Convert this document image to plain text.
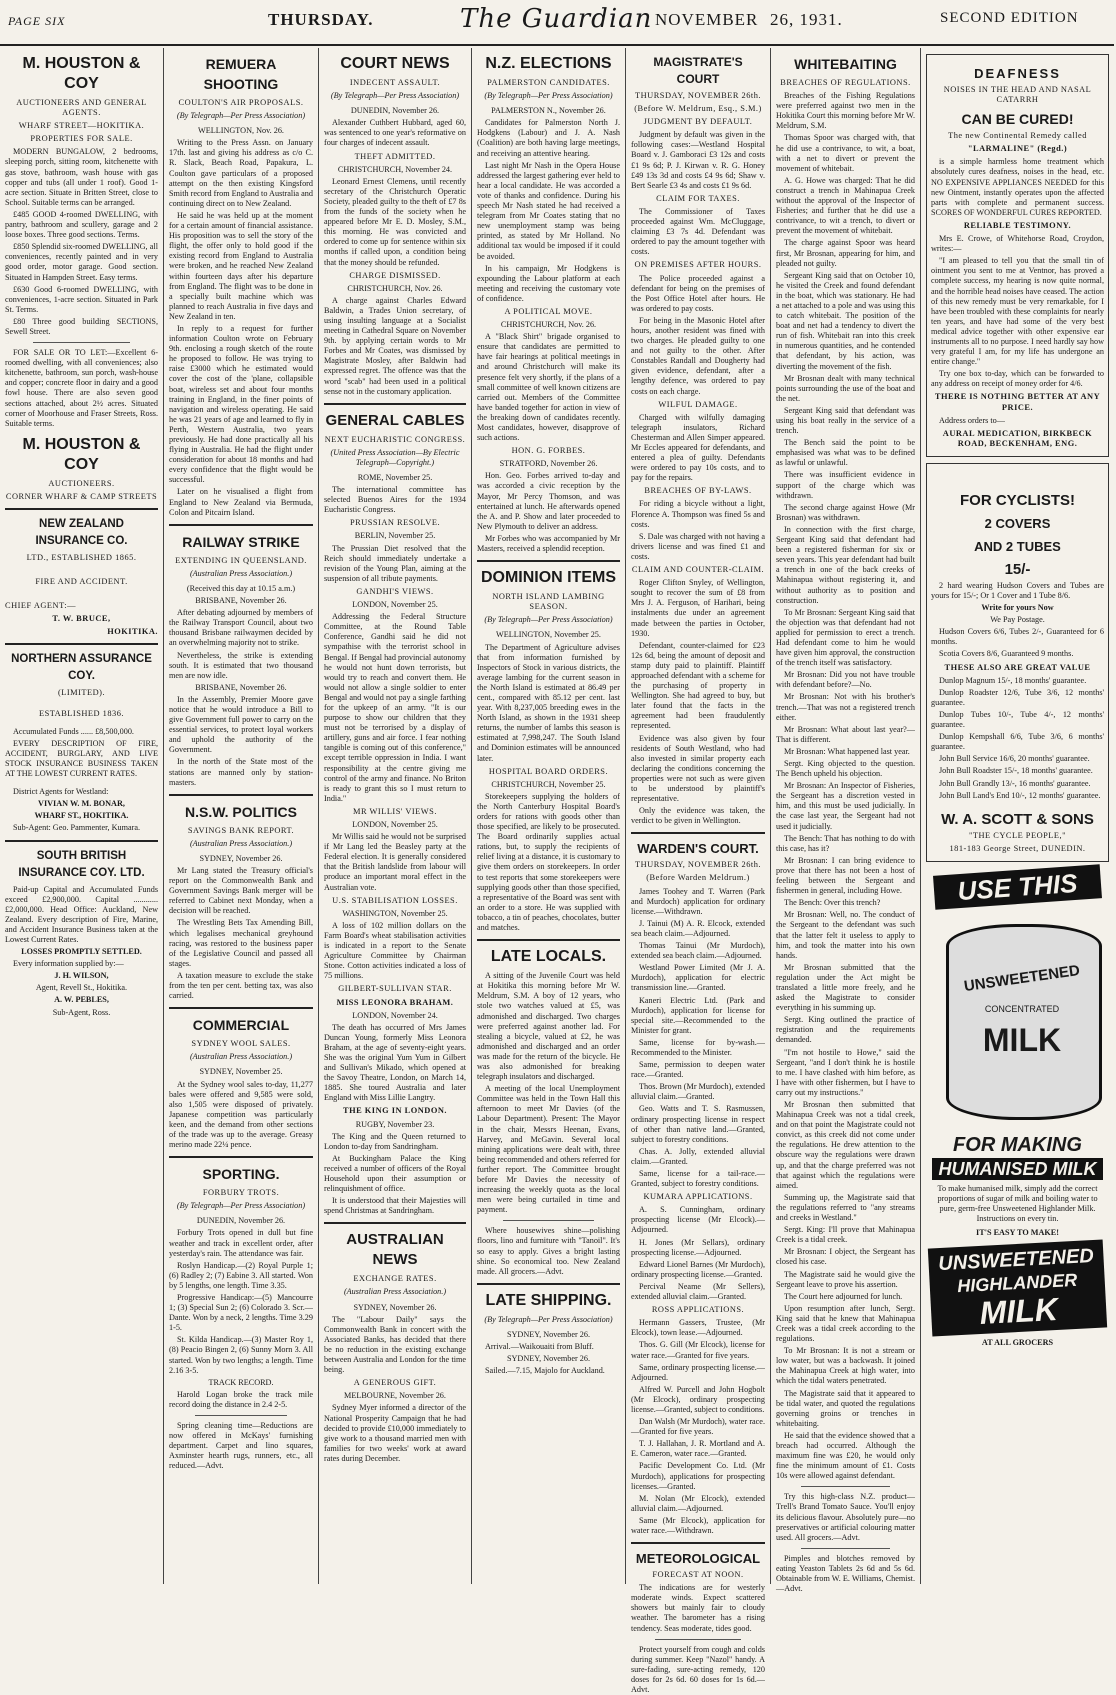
PAGE SIX	THURSDAY.	The Guardian NOVEMBER 26, 1931.	SECOND EDITION
M. HOUSTON & COY
AUCTIONEERS AND GENERAL AGENTS.
WHARF STREET—HOKITIKA.
PROPERTIES FOR SALE.

MODERN BUNGALOW, 2 bedrooms, sleeping porch, sitting room, kitchenette with gas stove, bathroom, wash house with gas copper and tubs (all under 1 roof). Good 1-acre section. Situate in Britten Street, close to School. Suitable terms can be arranged.

£485 GOOD 4-roomed DWELLING, with pantry, bathroom and scullery, garage and 2 loose boxes. Three good sections. Terms.

£850 Splendid six-roomed DWELLING, all conveniences, recently painted and in very good order, motor garage. Good section. Situated in Hampden Street. Easy terms.

£630 Good 6-roomed DWELLING, with conveniences, 1-acre section. Situated in Park St. Terms.

£80 Three good building SECTIONS, Sewell Street.

FOR SALE OR TO LET:—Excellent 6-roomed dwelling, with all conveniences; also kitchenette, bathroom, sun porch, wash-house and copper; concrete floor in dairy and a good fowl house. There are also seven good sections attached, about 2½ acres. Situated corner of Moorhouse and Fraser Streets, Ross. Suitable terms.

M. HOUSTON & COY
AUCTIONEERS.
CORNER WHARF & CAMP STREETS
NEW ZEALAND INSURANCE CO.
LTD., ESTABLISHED 1865.
FIRE AND ACCIDENT.
CHIEF AGENT:—
T. W. BRUCE,
HOKITIKA.
NORTHERN ASSURANCE COY.
(LIMITED).
ESTABLISHED 1836.

Accumulated Funds ...... £8,500,000.

EVERY DESCRIPTION OF FIRE, ACCIDENT, BURGLARY, AND LIVE STOCK INSURANCE BUSINESS TAKEN AT THE LOWEST CURRENT RATES.

District Agents for Westland:

VIVIAN W. M. BONAR,

WHARF ST., HOKITIKA.

Sub-Agent: Geo. Pammenter, Kumara.

SOUTH BRITISH INSURANCE COY. LTD.

Paid-up Capital and Accumulated Funds exceed £2,900,000. Capital ............ £2,000,000. Head Office: Auckland, New Zealand. Every description of Fire, Marine, and Accident Insurance Business taken at the Lowest Current Rates.

LOSSES PROMPTLY SETTLED.

Every information supplied by:—

J. H. WILSON,

Agent, Revell St., Hokitika.

A. W. PEBLES,

Sub-Agent, Ross.

REMUERA SHOOTING
COULTON'S AIR PROPOSALS.
(By Telegraph—Per Press Association)

WELLINGTON, Nov. 26.

Writing to the Press Assn. on January 17th. last and giving his address as c/o C. R. Slack, Beach Road, Papakura, L. Coulton gave particulars of a proposed attempt on the then existing Kingsford Smith record from England to Australia and continuing direct on to New Zealand.

He said he was held up at the moment for a certain amount of financial assistance. His proposition was to sell the story of the flight, the offer only to hold good if the existing record from England to Australia were broken, and he reached New Zealand within fourteen days after his departure from England. The flight was to be done in a specially built machine which was planned to reach Australia in five days and New Zealand in ten.

In reply to a request for further information Coulton wrote on February 9th. enclosing a rough sketch of the route he proposed to follow. He was trying to raise £3000 which he estimated would cover the cost of the 'plane, collapsible boat, wireless set and about four months training in England, in the finer points of navigation and wireless operating. He said he was 21 years of age and learned to fly in Perth, Western Australia, two years previously. He had done practically all his flying in Australia. He had the flight under consideration for about 18 months and had every confidence that the flight would be successful.

Later on he visualised a flight from England to New Zealand via Bermuda, Colon and Pitcairn Island.

RAILWAY STRIKE
EXTENDING IN QUEENSLAND.
(Australian Press Association.)

(Received this day at 10.15 a.m.)

BRISBANE, November 26.

After debating adjourned by members of the Railway Transport Council, about two thousand Brisbane railwaymen decided by an overwhelming majority not to strike.

Nevertheless, the strike is extending south. It is estimated that two thousand men are now idle.

BRISBANE, November 26.

In the Assembly, Premier Moore gave notice that he would introduce a Bill to give Government full power to carry on the essential services, to protect loyal workers and uphold the authority of the Government.

In the north of the State most of the stations are manned only by station-masters.

N.S.W. POLITICS
SAVINGS BANK REPORT.
(Australian Press Association.)

SYDNEY, November 26.

Mr Lang stated the Treasury official's report on the Commonwealth Bank and Government Savings Bank merger will be referred to Cabinet next Monday, when a decision will be reached.

The Wrestling Bets Tax Amending Bill, which legalises mechanical greyhound racing, was restored to the business paper of the Legislative Council and passed all stages.

A taxation measure to exclude the stake from the ten per cent. betting tax, was also carried.

COMMERCIAL
SYDNEY WOOL SALES.
(Australian Press Association.)

SYDNEY, November 25.

At the Sydney wool sales to-day, 11,277 bales were offered and 9,585 were sold, also 1,505 were disposed of privately. Japanese competition was particularly keen, and the demand from other sections of the trade was up to the average. Greasy merino made 22¼ pence.

SPORTING.
FORBURY TROTS.
(By Telegraph—Per Press Association)

DUNEDIN, November 26.

Forbury Trots opened in dull but fine weather and track in excellent order, after yesterday's rain. The attendance was fair.

Roslyn Handicap.—(2) Royal Purple 1; (6) Radley 2; (7) Eabine 3. All started. Won by 5 lengths, one length. Time 3.35.

Progressive Handicap:—(5) Mancourre 1; (3) Special Sun 2; (6) Colorado 3. Scr.—Dante. Won by a neck, 2 lengths. Time 3.29 1-5.

St. Kilda Handicap.—(3) Master Roy 1, (8) Peacio Bingen 2, (6) Sunny Morn 3. All started. Won by two lengths; a length. Time 2.16 3-5.

TRACK RECORD.

Harold Logan broke the track mile record doing the distance in 2.4 2-5.

Spring cleaning time—Reductions are now offered in McKays' furnishing department. Carpet and lino squares, Axminster hearth rugs, runners, etc., all reduced.—Advt.

COURT NEWS
INDECENT ASSAULT.
(By Telegraph—Per Press Association)

DUNEDIN, November 26.

Alexander Cuthbert Hubbard, aged 60, was sentenced to one year's reformative on four charges of indecent assault.

THEFT ADMITTED.

CHRISTCHURCH, November 24.

Leonard Ernest Clemens, until recently secretary of the Christchurch Operatic Society, pleaded guilty to the theft of £7 8s from the funds of the society when he appeared before Mr E. D. Mosley, S.M., this morning. He was convicted and ordered to come up for sentence within six months if called upon, a condition being that the money should be refunded.

CHARGE DISMISSED.

CHRISTCHURCH, Nov. 26.

A charge against Charles Edward Baldwin, a Trades Union secretary, of using insulting language at a Socialist meeting in Cathedral Square on November 9th. by applying certain words to Mr Forbes and Mr Coates, was dismissed by Magistrate Mosley, after Baldwin had expressed regret. The offence was that the word "scab" had been used in a political sense not in the customary application.

GENERAL CABLES
NEXT EUCHARISTIC CONGRESS.
(United Press Association—By Electric Telegraph—Copyright.)

ROME, November 25.

The international committee has selected Buenos Aires for the 1934 Eucharistic Congress.

PRUSSIAN RESOLVE.

BERLIN, November 25.

The Prussian Diet resolved that the Reich should immediately undertake a revision of the Young Plan, aiming at the suspension of all tribute payments.

GANDHI'S VIEWS.

LONDON, November 25.

Addressing the Federal Structure Committee, at the Round Table Conference, Gandhi said he did not sympathise with the terrorist school in Bengal. If Bengal had provincial autonomy he would not hunt down terrorists, but would try to reach and convert them. He would not allow a single soldier to enter Bengal and would not pay a single farthing for the upkeep of an army. "It is our purpose to show our children that they must not be terrorised by a display of artillery, guns and air force. I fear nothing tangible is coming out of this conference," except terrible oppression in India. I want responsibility at the centre giving me control of the army and finance. No Briton is ready to grant this so I must return to India."

MR WILLIS' VIEWS.

LONDON, November 25.

Mr Willis said he would not be surprised if Mr Lang led the Beasley party at the Federal election. It is generally considered that the British landslide from labour will produce an important moral effect in the Australian vote.

U.S. STABILISATION LOSSES.

WASHINGTON, November 25.

A loss of 102 million dollars on the Farm Board's wheat stabilisation activities is indicated in a report to the Senate Agriculture Committee by Chairman Stone. Cotton activities indicated a loss of 75 millions.

GILBERT-SULLIVAN STAR.
MISS LEONORA BRAHAM.

LONDON, November 24.

The death has occurred of Mrs James Duncan Young, formerly Miss Leonora Braham, at the age of seventy-eight years. She was the original Yum Yum in Gilbert and Sullivan's Mikado, which opened at the Savoy Theatre, London, on March 14, 1885. She toured Australia and later England with Miss Lillie Langtry.

THE KING IN LONDON.

RUGBY, November 23.

The King and the Queen returned to London to-day from Sandringham.

At Buckingham Palace the King received a number of officers of the Royal Household upon their assumption or relinquishment of office.

It is understood that their Majesties will spend Christmas at Sandringham.

AUSTRALIAN NEWS
EXCHANGE RATES.
(Australian Press Association.)

SYDNEY, November 26.

The "Labour Daily" says the Commonwealth Bank in concert with the Associated Banks, has decided that there be no reduction in the existing exchange between Australia and London for the time being.

A GENEROUS GIFT.

MELBOURNE, November 26.

Sydney Myer informed a director of the National Prosperity Campaign that he had decided to provide £10,000 immediately to give work to a thousand married men with families for two weeks' work at award rates during December.

N.Z. ELECTIONS
PALMERSTON CANDIDATES.
(By Telegraph—Per Press Association)

PALMERSTON N., November 26.

Candidates for Palmerston North J. Hodgkens (Labour) and J. A. Nash (Coalition) are both having large meetings, and receiving an attentive hearing.

Last night Mr Nash in the Opera House addressed the largest gathering ever held to hear a local candidate. He was accorded a vote of thanks and confidence. During his speech Mr Nash stated he had received a telegram from Mr Coates stating that no new unemployment stamp was being printed, as stated by Mr Holland. No additional tax would be imposed if it could be avoided.

In his campaign, Mr Hodgkens is expounding the Labour platform at each meeting and receiving the customary vote of confidence.

A POLITICAL MOVE.

CHRISTCHURCH, Nov. 26.

A "Black Shirt" brigade organised to ensure that candidates are permitted to have fair hearings at political meetings in and around Christchurch will make its presence felt very shortly, if the plans of a small committee of well known citizens are carried out. Members of the Committee have banded together for action in view of the breaking down of candidates recently. Most candidates, however, disapprove of such actions.

HON. G. FORBES.

STRATFORD, November 26.

Hon. Geo. Forbes arrived to-day and was accorded a civic reception by the Mayor, Mr Percy Thomson, and was entertained at lunch. He afterwards opened the A. and P. Show and later proceeded to New Plymouth to deliver an address.

Mr Forbes who was accompanied by Mr Masters, received a splendid reception.

DOMINION ITEMS
NORTH ISLAND LAMBING SEASON.
(By Telegraph—Per Press Association)

WELLINGTON, November 25.

The Department of Agriculture advises that from information furnished by Inspectors of Stock in various districts, the average lambing for the current season in the North Island is estimated at 86.49 per cent., compared with 85.12 per cent. last year. With 8,237,005 breeding ewes in the North Island, as shown in the 1931 sheep returns, the number of lambs this season is estimated at 7,998,247. The South Island and Dominion estimates will be announced later.

HOSPITAL BOARD ORDERS.

CHRISTCHURCH, November 25.

Storekeepers supplying the holders of the North Canterbury Hospital Board's orders for rations with goods other than those specified, are likely to be prosecuted. The Board ordinarily supplies actual rations, but, to supply the recipients of relief living at a distance, it is customary to give them orders on storekeepers. In order to test reports that some storekeepers were supplying goods other than those specified, a representative of the Board was sent with an order to a store. He was supplied with tobacco, a tin of peaches, chocolates, butter and matches.

LATE LOCALS.

A sitting of the Juvenile Court was held at Hokitika this morning before Mr W. Meldrum, S.M. A boy of 12 years, who stole two watches valued at £5, was admonished and discharged. Two charges were preferred against another lad. For stealing a bicycle, valued at £2, he was admonished and discharged and an order was made for the return of the bicycle. He was also admonished for breaking telegraph insulators and discharged.

A meeting of the local Unemployment Committee was held in the Town Hall this afternoon to meet Mr Davies (of the Labour Department). Present: The Mayor in the chair, Messrs Heenan, Evans, Harvey, and McGavin. Several local mining applications were dealt with, three being recommended and others referred for further report. The Committee brought before Mr Davies the necessity of increasing the weekly quota as the local men were being curtailed in time and payment.

Where housewives shine—polishing floors, lino and furniture with "Tanoil". It's so easy to apply. Gives a bright lasting shine. So economical too. New Zealand made. All grocers.—Advt.

LATE SHIPPING.
(By Telegraph—Per Press Association)

SYDNEY, November 26.

Arrival.—Waikouaiti from Bluff.

SYDNEY, November 26.

Sailed.—7.15, Majolo for Auckland.

MAGISTRATE'S COURT
THURSDAY, NOVEMBER 26th.
(Before W. Meldrum, Esq., S.M.)
JUDGMENT BY DEFAULT.

Judgment by default was given in the following cases:—Westland Hospital Board v. J. Gamboraci £3 12s and costs £1 9s 6d; P. J. Kirwan v. R. G. Honey £49 13s 3d and costs £4 9s 6d; Shaw v. Bert Searle £3 4s and costs £1 9s 6d.

CLAIM FOR TAXES.

The Commissioner of Taxes proceeded against Wm. McCluggage, claiming £3 7s 4d. Defendant was ordered to pay the amount together with costs.

ON PREMISES AFTER HOURS.

The Police proceeded against a defendant for being on the premises of the Post Office Hotel after hours. He was ordered to pay costs.

For being in the Masonic Hotel after hours, another resident was fined with two charges. He pleaded guilty to one and not guilty to the other. After Constables Randall and Dougherty had given evidence, defendant, after a lengthy defence, was ordered to pay costs on each charge.

WILFUL DAMAGE.

Charged with wilfully damaging telegraph insulators, Richard Chesterman and Allen Simper appeared. Mr Eccles appeared for defendants, and entered a plea of guilty. Defendants were ordered to pay 10s costs, and to pay for the repairs.

BREACHES OF BY-LAWS.

For riding a bicycle without a light, Florence A. Thompson was fined 5s and costs.

S. Dale was charged with not having a drivers license and was fined £1 and costs.

CLAIM AND COUNTER-CLAIM.

Roger Clifton Snyley, of Wellington, sought to recover the sum of £8 from Mrs J. A. Ferguson, of Harihari, being instalments due under an agreement made between the parties in October, 1930.

Defendant, counter-claimed for £23 12s 6d, being the amount of deposit and stamp duty paid to plaintiff. Plaintiff approached defendant with a scheme for the purchasing of property in Wellington. She had agreed to buy, but later found that the facts in the agreement had been fraudulently represented.

Evidence was also given by four residents of South Westland, who had also invested in similar property each declaring the conditions concerning the properties were not such as were given to be understood by plaintiff's representative.

Only the evidence was taken, the verdict to be given in Wellington.

WARDEN'S COURT.
THURSDAY, NOVEMBER 26th.
(Before Warden Meldrum.)

James Toohey and T. Warren (Park and Murdoch) application for ordinary license.—Withdrawn.

J. Tainui (M) A. R. Elcock, extended sea beach claim.—Adjourned.

Thomas Tainui (Mr Murdoch), extended sea beach claim.—Adjourned.

Westland Power Limited (Mr J. A. Murdoch), application for electric transmission line.—Granted.

Kaneri Electric Ltd. (Park and Murdoch), application for license for special site.—Recommended to the Minister for grant.

Same, license for by-wash.—Recommended to the Minister.

Same, permission to deepen water race.—Granted.

Thos. Brown (Mr Murdoch), extended alluvial claim.—Granted.

Geo. Watts and T. S. Rasmussen, ordinary prospecting license in respect of other than native land.—Granted, subject to forestry conditions.

Chas. A. Jolly, extended alluvial claim.—Granted.

Same, license for a tail-race.—Granted, subject to forestry conditions.

KUMARA APPLICATIONS.

A. S. Cunningham, ordinary prospecting license (Mr Elcock).—Adjourned.

H. Jones (Mr Sellars), ordinary prospecting license.—Adjourned.

Edward Lionel Barnes (Mr Murdoch), ordinary prospecting license.—Granted.

Percival Neame (Mr Sellers), extended alluvial claim.—Granted.

ROSS APPLICATIONS.

Hermann Gassers, Trustee, (Mr Elcock), town lease.—Adjourned.

Thos. G. Gill (Mr Elcock), license for water race.—Granted for five years.

Same, ordinary prospecting license.—Adjourned.

Alfred W. Purcell and John Hogbolt (Mr Elcock), ordinary prospecting license.—Granted, subject to conditions.

Dan Walsh (Mr Murdoch), water race.—Granted for five years.

T. J. Hallahan, J. R. Mortland and A. E. Cameron, water race.—Granted.

Pacific Development Co. Ltd. (Mr Murdoch), applications for prospecting licenses.—Granted.

M. Nolan (Mr Elcock), extended alluvial claim.—Adjourned.

Same (Mr Elcock), application for water race.—Withdrawn.

METEOROLOGICAL
FORECAST AT NOON.

The indications are for westerly moderate winds. Expect scattered showers but mainly fair to cloudy weather. The barometer has a rising tendency. Seas moderate, tides good.

Protect yourself from cough and colds during summer. Keep "Nazol" handy. A sure-fading, sure-acting remedy, 120 doses for 2s 6d. 60 doses for 1s 6d.—Advt.

WHITEBAITING
BREACHES OF REGULATIONS.

Breaches of the Fishing Regulations were preferred against two men in the Hokitika Court this morning before Mr W. Meldrum, S.M.

Thomas Spoor was charged with, that he did use a contrivance, to wit, a boat, with a net to divert or prevent the movement of whitebait.

A. G. Howe was charged: That he did construct a trench in Mahinapua Creek without the approval of the Inspector of Fisheries; and further that he did use a contrivance, to wit a trench, to divert or prevent the movement of whitebait.

The charge against Spoor was heard first, Mr Brosnan, appearing for him, and pleaded not guilty.

Sergeant King said that on October 10, he visited the Creek and found defendant in the boat, which was stationary. He had a net attached to a pole and was using this to catch whitebait. The position of the boat and net had a tendency to divert the run of fish. Whitebait ran into this creek in numerous quantities, and he contended that defendant, by his action, was diverting the movement of the fish.

Mr Brosnan dealt with many technical points surrounding the use of the boat and the net.

Sergeant King said that defendant was using his boat really in the service of a trench.

The Bench said the point to be emphasised was what was to be defined as lawful or unlawful.

There was insufficient evidence in support of the charge which was withdrawn.

The second charge against Howe (Mr Brosnan) was withdrawn.

In connection with the first charge, Sergeant King said that defendant had been a registered fisherman for six or seven years. This year defendant had built a trench in one of the back creeks of Mahinapua without registering it, and without authority as to position and construction.

To Mr Brosnan: Sergeant King said that the objection was that defendant had not applied for permission to erect a trench. Had defendant come to him he would have given him approval, the construction of the trench itself was satisfactory.

Mr Brosnan: Did you not have trouble with defendant before?—No.

Mr Brosnan: Not with his brother's trench.—That was not a registered trench either.

Mr Brosnan: What about last year?—That is different.

Mr Brosnan: What happened last year.

Sergt. King objected to the question. The Bench upheld his objection.

Mr Brosnan: An Inspector of Fisheries, the Sergeant has a discretion vested in him, and this must be used judicially. In the case last year, the Sergeant had not used it judicially.

The Bench: That has nothing to do with this case, has it?

Mr Brosnan: I can bring evidence to prove that there has not been a host of feeling between the Sergeant and fishermen in general, including Howe.

The Bench: Over this trench?

Mr Brosnan: Well, no. The conduct of the Sergeant to the defendant was such that the latter felt it useless to apply to him, and took the matter into his own hands.

Mr Brosnan submitted that the regulation under the Act might be translated a little more freely, and he asked the Magistrate to consider everything in his summing up.

Sergt. King outlined the practice of registration and the requirements demanded.

"I'm not hostile to Howe," said the Sergeant, "and I don't think he is hostile to me. I have clashed with him before, as I have with other fishermen, but I have to carry out my instructions."

Mr Brosnan then submitted that Mahinapua Creek was not a tidal creek, and on that point the Magistrate could not convict, as this creek did not come under the regulations. He drew attention to the obscure way the regulations were drawn up, and that the charge preferred was not that against which the regulations were aimed.

Summing up, the Magistrate said that the regulations referred to "any streams and creeks in Westland."

Sergt. King: I'll prove that Mahinapua Creek is a tidal creek.

Mr Brosnan: I object, the Sergeant has closed his case.

The Magistrate said he would give the Sergeant leave to prove his assertion.

The Court here adjourned for lunch.

Upon resumption after lunch, Sergt. King said that he knew that Mahinapua Creek was a tidal creek according to the regulations.

To Mr Brosnan: It is not a stream or low water, but was a backwash. It joined the Mahinapua Creek at high water, into which the tidal waters penetrated.

The Magistrate said that it appeared to be tidal water, and quoted the regulations governing groins or trenches in whitebaiting.

He said that the evidence showed that a breach had occurred. Although the maximum fine was £20, he would only fine the minimum amount of £1. Costs 10s were allowed against defendant.

Try this high-class N.Z. product—Trell's Brand Tomato Sauce. You'll enjoy its delicious flavour. Absolutely pure—no preservatives or artificial colouring matter used. All grocers.—Advt.

Pimples and blotches removed by eating Yeaston Tablets 2s 6d and 5s 6d. Obtainable from W. E. Williams, Chemist.—Advt.

DEAFNESS
NOISES IN THE HEAD AND NASAL CATARRH
CAN BE CURED!
The new Continental Remedy called
"LARMALINE" (Regd.)

is a simple harmless home treatment which absolutely cures deafness, noises in the head, etc. NO EXPENSIVE APPLIANCES NEEDED for this new Ointment, instantly operates upon the affected parts with complete and permanent success. SCORES OF WONDERFUL CURES REPORTED.

RELIABLE TESTIMONY.

Mrs E. Crowe, of Whitehorse Road, Croydon, writes:—

"I am pleased to tell you that the small tin of ointment you sent to me at Ventnor, has proved a complete success, my hearing is now quite normal, and the horrible head noises have ceased. The action of this new remedy must be very remarkable, for I have been troubled with these complaints for nearly ten years, and have had some of the very best medical advice together with other expensive ear instruments all to no purpose. I need hardly say how very grateful I am, for my life has undergone an entire change."

Try one box to-day, which can be forwarded to any address on receipt of money order for 4/6.

THERE IS NOTHING BETTER AT ANY PRICE.

Address orders to—

AURAL MEDICATION, BIRKBECK ROAD, BECKENHAM, ENG.
FOR CYCLISTS!
2 COVERS
AND 2 TUBES
15/-

2 hard wearing Hudson Covers and Tubes are yours for 15/-; Or 1 Cover and 1 Tube 8/6.

Write for yours Now

We Pay Postage.

Hudson Covers 6/6, Tubes 2/-, Guaranteed for 6 months.

Scotia Covers 8/6, Guaranteed 9 months.

THESE ALSO ARE GREAT VALUE

Dunlop Magnum 15/-, 18 months' guarantee.

Dunlop Roadster 12/6, Tube 3/6, 12 months' guarantee.

Dunlop Tubes 10/-, Tube 4/-, 12 months' guarantee.

Dunlop Kempshall 6/6, Tube 3/6, 6 months' guarantee.

John Bull Service 16/6, 20 months' guarantee.

John Bull Roadster 15/-, 18 months' guarantee.

John Bull Grandly 13/-, 16 months' guarantee.

John Bull Land's End 10/-, 12 months' guarantee.

W. A. SCOTT & SONS
"THE CYCLE PEOPLE,"
181-183 George Street, DUNEDIN.
USE THIS
UNSWEETENED
CONCENTRATED
MILK
FOR MAKING
HUMANISED MILK

To make humanised milk, simply add the correct proportions of sugar of milk and boiling water to pure, germ-free Unsweetened Highlander Milk. Instructions on every tin.

IT'S EASY TO MAKE!

UNSWEETENED
HIGHLANDER
MILK

AT ALL GROCERS
